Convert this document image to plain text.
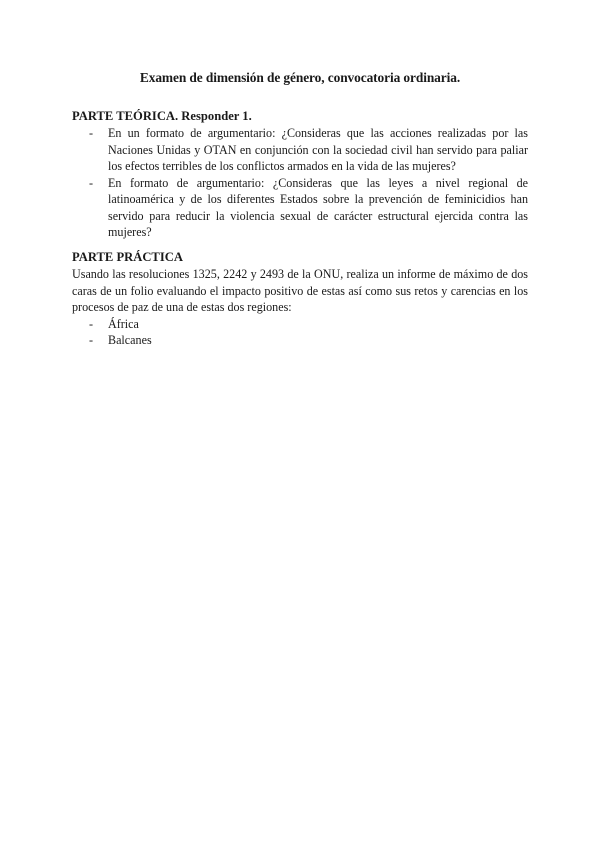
Examen de dimensión de género, convocatoria ordinaria.

PARTE TEÓRICA. Responder 1.

- En un formato de argumentario: ¿Consideras que las acciones realizadas por las Naciones Unidas y OTAN en conjunción con la sociedad civil han servido para paliar los efectos terribles de los conflictos armados en la vida de las mujeres?
- En formato de argumentario: ¿Consideras que las leyes a nivel regional de latinoamérica y de los diferentes Estados sobre la prevención de feminicidios han servido para reducir la violencia sexual de carácter estructural ejercida contra las mujeres?

PARTE PRÁCTICA

Usando las resoluciones 1325, 2242 y 2493 de la ONU, realiza un informe de máximo de dos caras de un folio evaluando el impacto positivo de estas así como sus retos y carencias en los procesos de paz de una de estas dos regiones:

- África
- Balcanes
